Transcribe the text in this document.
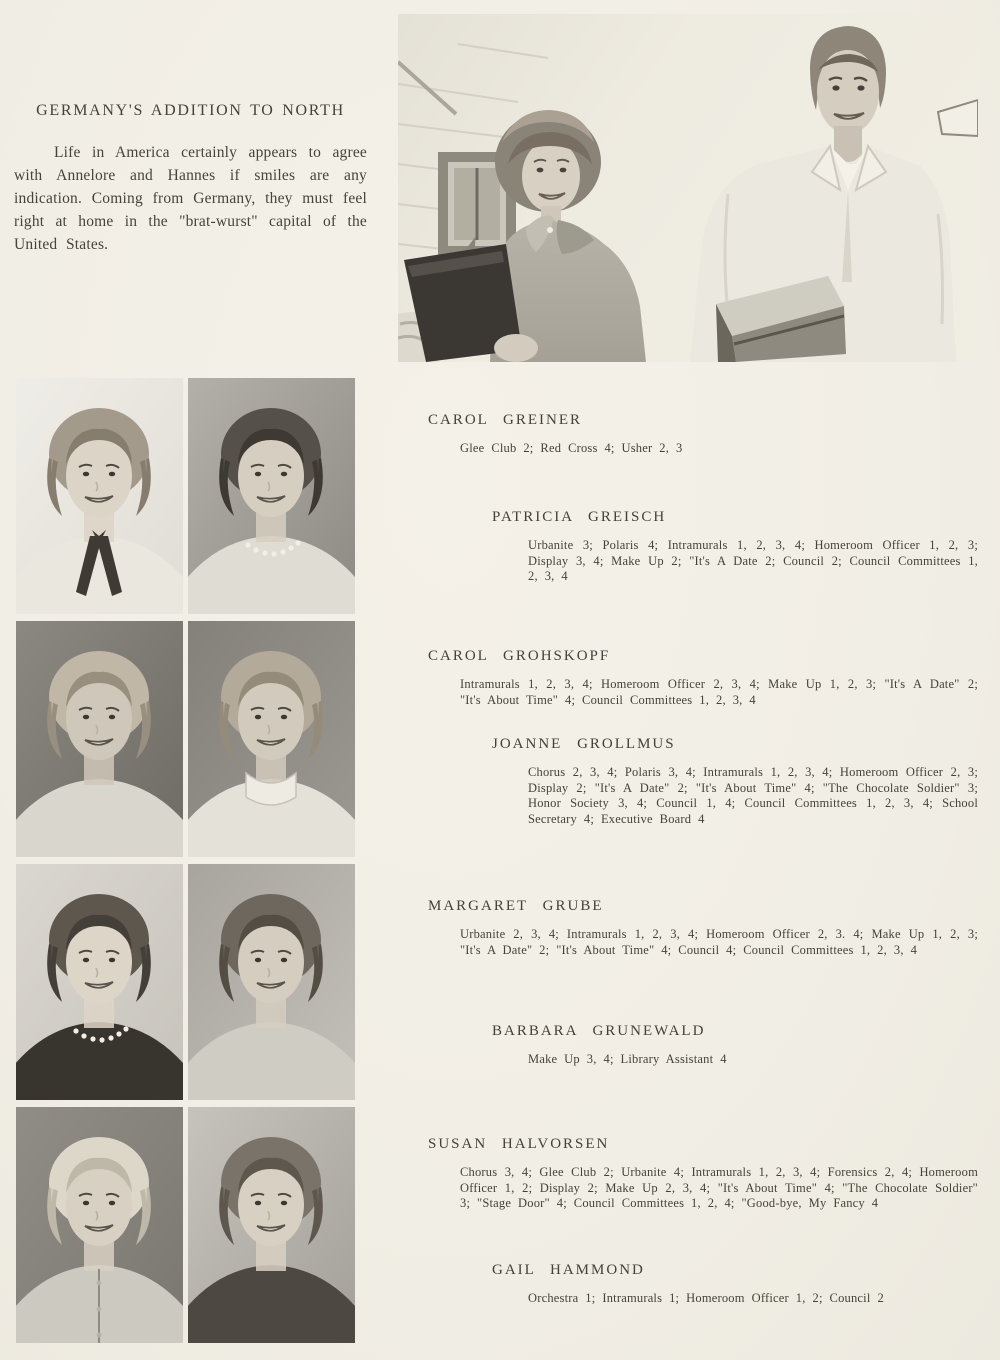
GERMANY'S ADDITION TO NORTH

Life in America certainly appears to agree with Annelore and Hannes if smiles are any indication. Coming from Germany, they must feel right at home in the "brat-wurst" capital of the United States.

CAROL GREINER

Glee Club 2; Red Cross 4; Usher 2, 3

PATRICIA GREISCH

Urbanite 3; Polaris 4; Intramurals 1, 2, 3, 4; Homeroom Officer 1, 2, 3; Display 3, 4; Make Up 2; "It's A Date 2; Council 2; Council Committees 1, 2, 3, 4

CAROL GROHSKOPF

Intramurals 1, 2, 3, 4; Homeroom Officer 2, 3, 4; Make Up 1, 2, 3; "It's A Date" 2; "It's About Time" 4; Council Committees 1, 2, 3, 4

JOANNE GROLLMUS

Chorus 2, 3, 4; Polaris 3, 4; Intramurals 1, 2, 3, 4; Homeroom Officer 2, 3; Display 2; "It's A Date" 2; "It's About Time" 4; "The Chocolate Soldier" 3; Honor Society 3, 4; Council 1, 4; Council Committees 1, 2, 3, 4; School Secretary 4; Executive Board 4

MARGARET GRUBE

Urbanite 2, 3, 4; Intramurals 1, 2, 3, 4; Homeroom Officer 2, 3. 4; Make Up 1, 2, 3; "It's A Date" 2; "It's About Time" 4; Council 4; Council Committees 1, 2, 3, 4

BARBARA GRUNEWALD

Make Up 3, 4; Library Assistant 4

SUSAN HALVORSEN

Chorus 3, 4; Glee Club 2; Urbanite 4; Intramurals 1, 2, 3, 4; Forensics 2, 4; Homeroom Officer 1, 2; Display 2; Make Up 2, 3, 4; "It's About Time" 4; "The Chocolate Soldier" 3; "Stage Door" 4; Council Committees 1, 2, 4; "Good-bye, My Fancy 4

GAIL HAMMOND

Orchestra 1; Intramurals 1; Homeroom Officer 1, 2; Council 2
